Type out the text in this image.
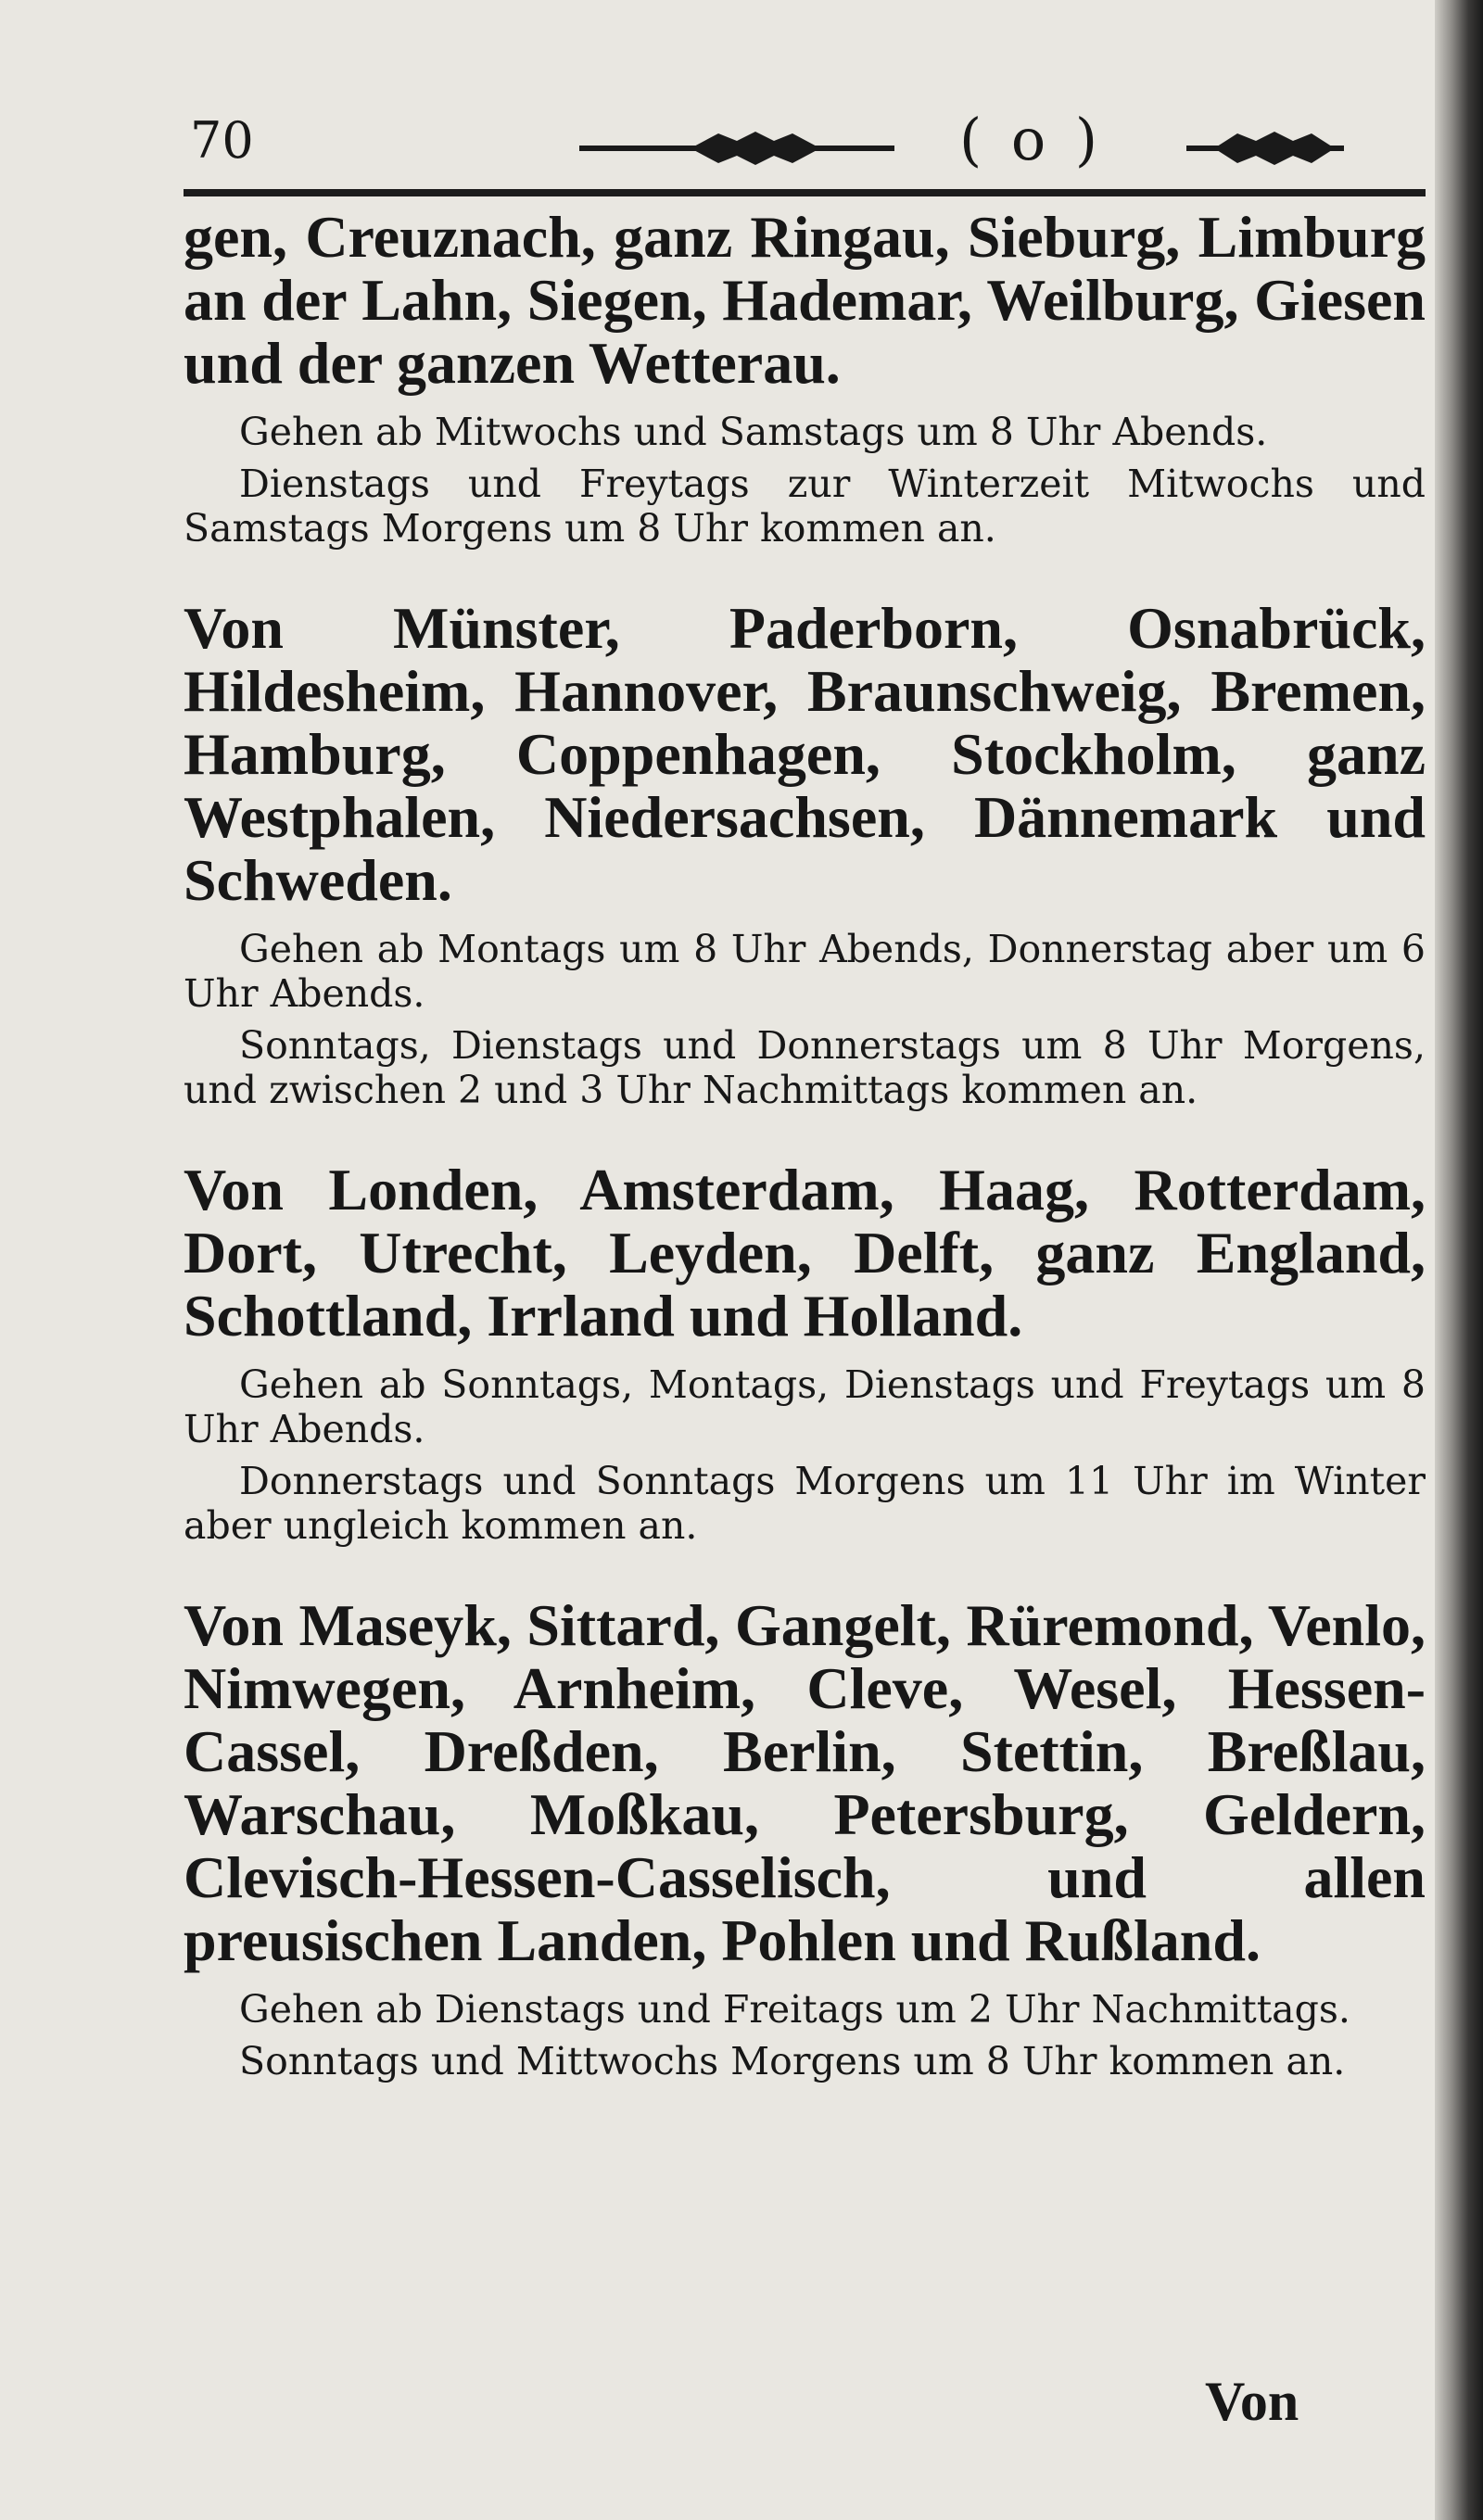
70	( o )

gen, Creuznach, ganz Ringau, Sieburg, Limburg an der Lahn, Siegen, Hademar, Weilburg, Giesen und der ganzen Wetterau.

Gehen ab Mitwochs und Samstags um 8 Uhr Abends.

Dienstags und Freytags zur Winterzeit Mitwochs und Samstags Morgens um 8 Uhr kommen an.

Von Münster, Paderborn, Osnabrück, Hildesheim, Hannover, Braunschweig, Bremen, Hamburg, Coppenhagen, Stockholm, ganz Westphalen, Niedersachsen, Dännemark und Schweden.

Gehen ab Montags um 8 Uhr Abends, Donnerstag aber um 6 Uhr Abends.

Sonntags, Dienstags und Donnerstags um 8 Uhr Morgens, und zwischen 2 und 3 Uhr Nachmittags kommen an.

Von Londen, Amsterdam, Haag, Rotterdam, Dort, Utrecht, Leyden, Delft, ganz England, Schottland, Irrland und Holland.

Gehen ab Sonntags, Montags, Dienstags und Freytags um 8 Uhr Abends.

Donnerstags und Sonntags Morgens um 11 Uhr im Winter aber ungleich kommen an.

Von Maseyk, Sittard, Gangelt, Rüremond, Venlo, Nimwegen, Arnheim, Cleve, Wesel, Hessen-Cassel, Dreßden, Berlin, Stettin, Breßlau, Warschau, Moßkau, Petersburg, Geldern, Clevisch-Hessen-Casselisch, und allen preusischen Landen, Pohlen und Rußland.

Gehen ab Dienstags und Freitags um 2 Uhr Nachmittags.

Sonntags und Mittwochs Morgens um 8 Uhr kommen an.

Von
